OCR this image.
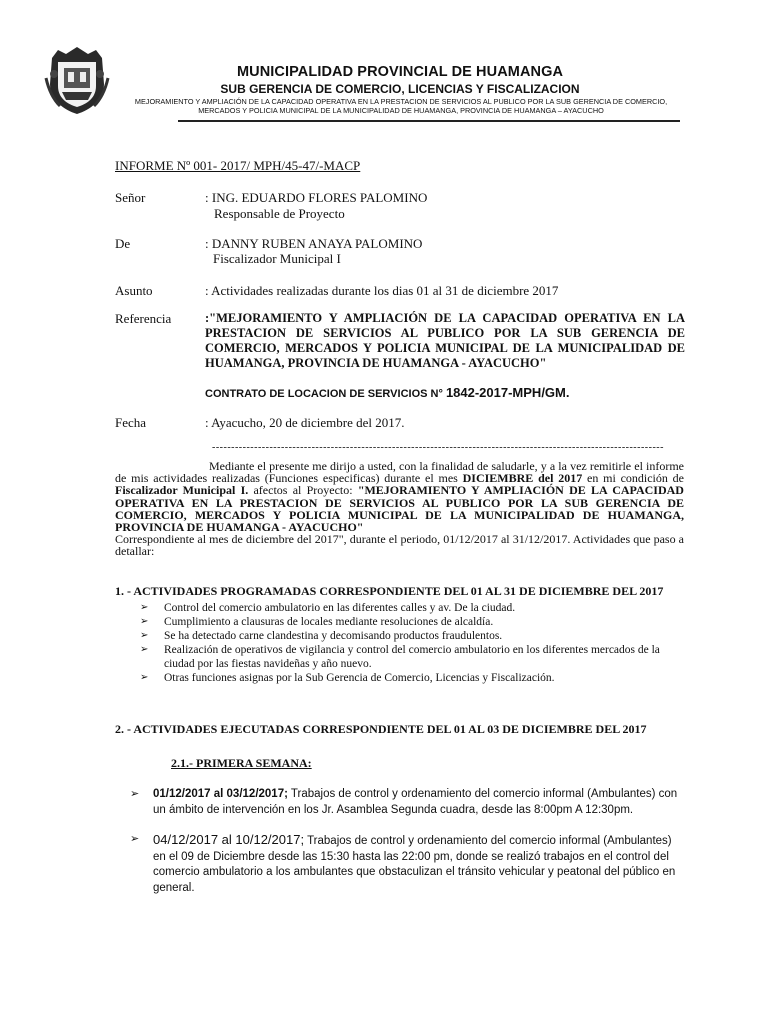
MUNICIPALIDAD PROVINCIAL DE HUAMANGA
SUB GERENCIA DE COMERCIO, LICENCIAS Y FISCALIZACION
MEJORAMIENTO Y AMPLIACIÓN DE LA CAPACIDAD OPERATIVA EN LA PRESTACION DE SERVICIOS AL PUBLICO POR LA SUB GERENCIA DE COMERCIO,
MERCADOS Y POLICIA MUNICIPAL DE LA MUNICIPALIDAD DE HUAMANGA, PROVINCIA DE HUAMANGA – AYACUCHO
INFORME Nº 001- 2017/ MPH/45-47/-MACP
Señor	: ING. EDUARDO FLORES PALOMINO
Responsable de Proyecto
De	: DANNY RUBEN ANAYA PALOMINO
Fiscalizador Municipal I
Asunto	: Actividades realizadas durante los dias 01 al 31 de diciembre 2017
Referencia	:"MEJORAMIENTO Y AMPLIACIÓN DE LA CAPACIDAD OPERATIVA EN LA PRESTACION DE SERVICIOS AL PUBLICO POR LA SUB GERENCIA DE COMERCIO, MERCADOS Y POLICIA MUNICIPAL DE LA MUNICIPALIDAD DE HUAMANGA, PROVINCIA DE HUAMANGA - AYACUCHO"
CONTRATO DE LOCACION DE SERVICIOS N° 1842-2017-MPH/GM.
Fecha	: Ayacucho, 20 de diciembre del 2017.
----------------------------------------------------------------------------------------------------------------------
Mediante el presente me dirijo a usted, con la finalidad de saludarle, y a la vez remitirle el informe de mis actividades realizadas (Funciones especificas) durante el mes DICIEMBRE del 2017 en mi condición de Fiscalizador Municipal I. afectos al Proyecto: "MEJORAMIENTO Y AMPLIACIÓN DE LA CAPACIDAD OPERATIVA EN LA PRESTACION DE SERVICIOS AL PUBLICO POR LA SUB GERENCIA DE COMERCIO, MERCADOS Y POLICIA MUNICIPAL DE LA MUNICIPALIDAD DE HUAMANGA, PROVINCIA DE HUAMANGA - AYACUCHO"
Correspondiente al mes de diciembre del 2017", durante el periodo, 01/12/2017 al 31/12/2017. Actividades que paso a detallar:
1. - ACTIVIDADES PROGRAMADAS CORRESPONDIENTE DEL 01 AL 31 DE DICIEMBRE DEL 2017
➢ Control del comercio ambulatorio en las diferentes calles y av. De la ciudad.
➢ Cumplimiento a clausuras de locales mediante resoluciones de alcaldía.
➢ Se ha detectado carne clandestina y decomisando productos fraudulentos.
➢ Realización de operativos de vigilancia y control del comercio ambulatorio en los diferentes mercados de la ciudad por las fiestas navideñas y año nuevo.
➢ Otras funciones asignas por la Sub Gerencia de Comercio, Licencias y Fiscalización.
2. - ACTIVIDADES EJECUTADAS CORRESPONDIENTE DEL 01 AL 03 DE DICIEMBRE DEL 2017
2.1.- PRIMERA SEMANA:
➢	01/12/2017 al 03/12/2017; Trabajos de control y ordenamiento del comercio informal (Ambulantes) con un ámbito de intervención en los Jr. Asamblea Segunda cuadra, desde las 8:00pm A 12:30pm.
➢	04/12/2017 al 10/12/2017; Trabajos de control y ordenamiento del comercio informal (Ambulantes) en el 09 de Diciembre desde las 15:30 hasta las 22:00 pm, donde se realizó trabajos en el control del comercio ambulatorio a los ambulantes que obstaculizan el tránsito vehicular y peatonal del público en general.
